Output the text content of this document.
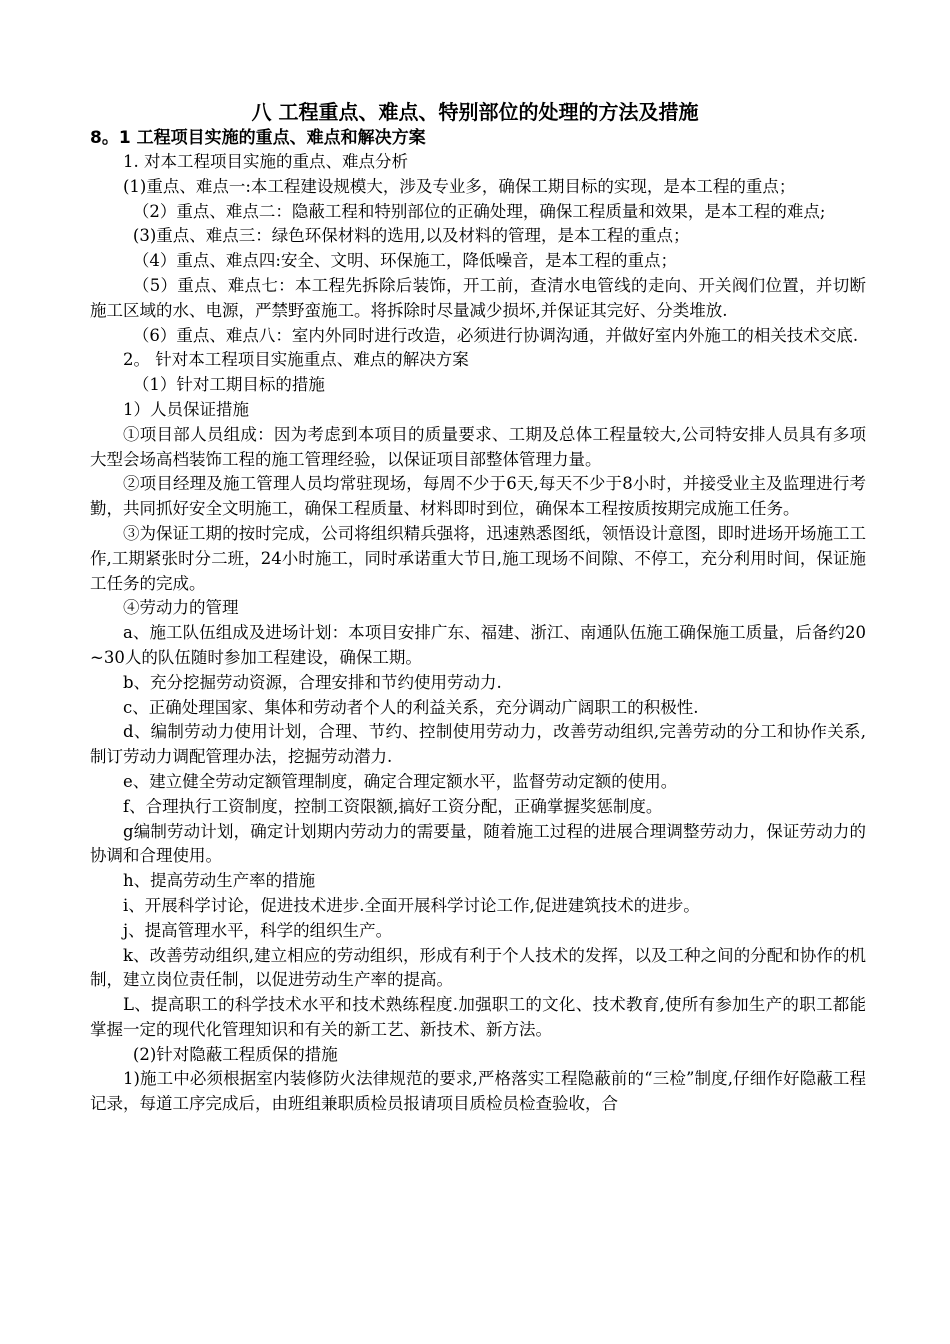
八 工程重点、难点、特别部位的处理的方法及措施
8。1 工程项目实施的重点、难点和解决方案

1. 对本工程项目实施的重点、难点分析

(1)重点、难点一:本工程建设规模大，涉及专业多，确保工期目标的实现，是本工程的重点；

（2）重点、难点二：隐蔽工程和特别部位的正确处理，确保工程质量和效果，是本工程的难点;

(3)重点、难点三：绿色环保材料的选用,以及材料的管理，是本工程的重点；

（4）重点、难点四:安全、文明、环保施工，降低噪音，是本工程的重点；

（5）重点、难点七：本工程先拆除后装饰，开工前，查清水电管线的走向、开关阀们位置，并切断施工区域的水、电源，严禁野蛮施工。将拆除时尽量减少损坏,并保证其完好、分类堆放.

（6）重点、难点八：室内外同时进行改造，必须进行协调沟通，并做好室内外施工的相关技术交底.

2。 针对本工程项目实施重点、难点的解决方案

（1）针对工期目标的措施

1）人员保证措施

①项目部人员组成：因为考虑到本项目的质量要求、工期及总体工程量较大,公司特安排人员具有多项大型会场高档装饰工程的施工管理经验，以保证项目部整体管理力量。

②项目经理及施工管理人员均常驻现场，每周不少于6天,每天不少于8小时，并接受业主及监理进行考勤，共同抓好安全文明施工，确保工程质量、材料即时到位，确保本工程按质按期完成施工任务。

③为保证工期的按时完成，公司将组织精兵强将，迅速熟悉图纸，领悟设计意图，即时进场开场施工工作,工期紧张时分二班，24小时施工，同时承诺重大节日,施工现场不间隙、不停工，充分利用时间，保证施工任务的完成。

④劳动力的管理

a、施工队伍组成及进场计划：本项目安排广东、福建、浙江、南通队伍施工确保施工质量，后备约20~30人的队伍随时参加工程建设，确保工期。

b、充分挖掘劳动资源，合理安排和节约使用劳动力.

c、正确处理国家、集体和劳动者个人的利益关系，充分调动广阔职工的积极性.

d、编制劳动力使用计划，合理、节约、控制使用劳动力，改善劳动组织,完善劳动的分工和协作关系,制订劳动力调配管理办法，挖掘劳动潜力.

e、建立健全劳动定额管理制度，确定合理定额水平，监督劳动定额的使用。

f、合理执行工资制度，控制工资限额,搞好工资分配，正确掌握奖惩制度。

g编制劳动计划，确定计划期内劳动力的需要量，随着施工过程的进展合理调整劳动力，保证劳动力的协调和合理使用。

h、提高劳动生产率的措施

i、开展科学讨论，促进技术进步.全面开展科学讨论工作,促进建筑技术的进步。

j、提高管理水平，科学的组织生产。

k、改善劳动组织,建立相应的劳动组织，形成有利于个人技术的发挥，以及工种之间的分配和协作的机制，建立岗位责任制，以促进劳动生产率的提高。

L、提高职工的科学技术水平和技术熟练程度.加强职工的文化、技术教育,使所有参加生产的职工都能掌握一定的现代化管理知识和有关的新工艺、新技术、新方法。

(2)针对隐蔽工程质保的措施

1)施工中必须根据室内装修防火法律规范的要求,严格落实工程隐蔽前的“三检”制度,仔细作好隐蔽工程记录，每道工序完成后，由班组兼职质检员报请项目质检员检查验收，合
